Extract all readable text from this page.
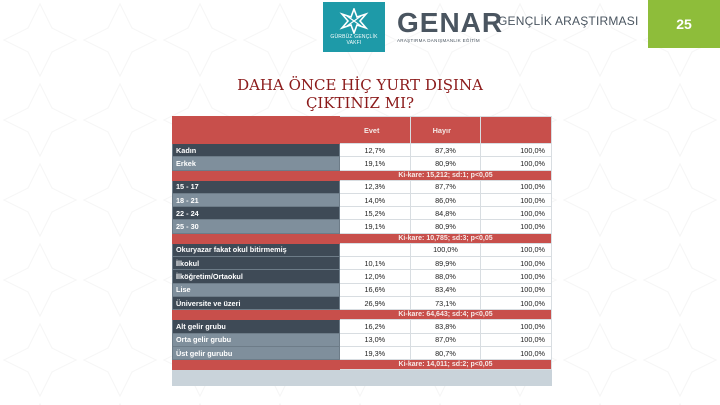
GÜRBÜZ GENÇLİK VAKFI
GENAR
ARAŞTIRMA DANIŞMANLIK EĞİTİM
GENÇLİK ARAŞTIRMASI	25
DAHA ÖNCE HİÇ YURT DIŞINA
ÇIKTINIZ MI?
	Evet	Hayır	
Kadın	12,7%	87,3%	100,0%
Erkek	19,1%	80,9%	100,0%
	Ki-kare: 15,212; sd:1; p<0,05		
15 - 17	12,3%	87,7%	100,0%
18 - 21	14,0%	86,0%	100,0%
22 - 24	15,2%	84,8%	100,0%
25 - 30	19,1%	80,9%	100,0%
	Ki-kare: 10,785; sd:3; p<0,05		
Okuryazar fakat okul bitirmemiş		100,0%	100,0%
İlkokul	10,1%	89,9%	100,0%
İlköğretim/Ortaokul	12,0%	88,0%	100,0%
Lise	16,6%	83,4%	100,0%
Üniversite ve üzeri	26,9%	73,1%	100,0%
	Ki-kare: 64,643; sd:4; p<0,05		
Alt gelir grubu	16,2%	83,8%	100,0%
Orta gelir grubu	13,0%	87,0%	100,0%
Üst gelir gurubu	19,3%	80,7%	100,0%
	Ki-kare: 14,011; sd:2; p<0,05		
